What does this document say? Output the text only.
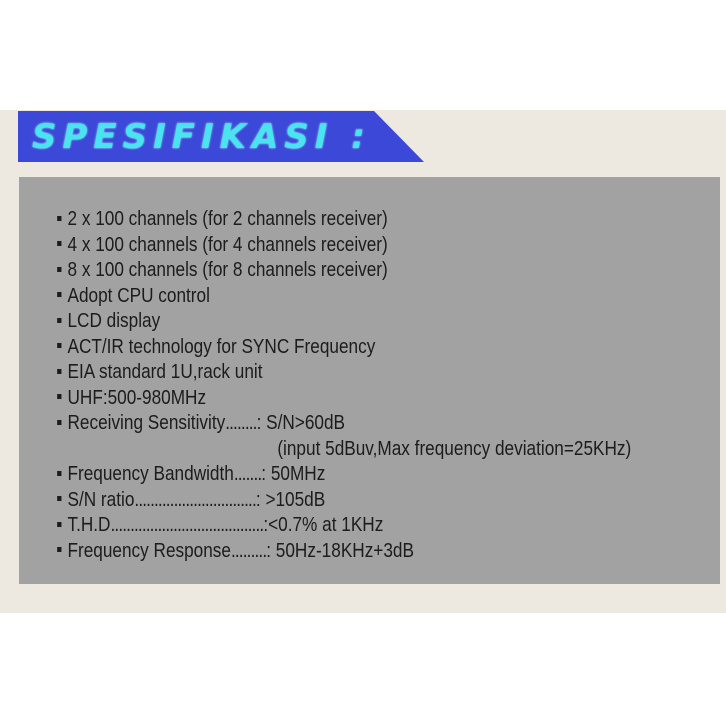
SPESIFIKASI :
2 x 100 channels (for 2 channels receiver)
4 x 100 channels (for 4 channels receiver)
8 x 100 channels (for 8 channels receiver)
Adopt CPU control
LCD display
ACT/IR technology for SYNC Frequency
EIA standard 1U,rack unit
UHF:500-980MHz
Receiving Sensitivity........: S/N>60dB
(input 5dBuv,Max frequency deviation=25KHz)
Frequency Bandwidth.......: 50MHz
S/N ratio...............................: >105dB
T.H.D.......................................:<0.7% at 1KHz
Frequency Response.........: 50Hz-18KHz+3dB
